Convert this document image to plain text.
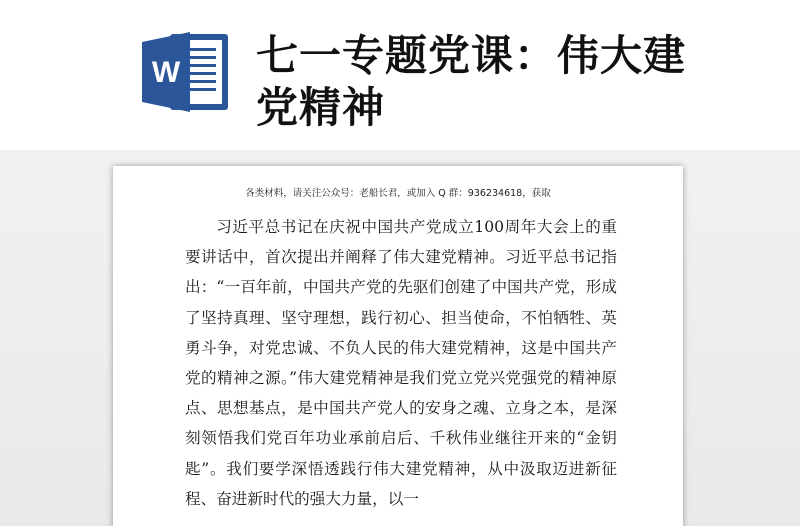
W 七一专题党课：伟大建党精神
各类材料，请关注公众号：老船长君，或加入 Q 群：936234618，获取

习近平总书记在庆祝中国共产党成立100周年大会上的重要讲话中，首次提出并阐释了伟大建党精神。习近平总书记指出：“一百年前，中国共产党的先驱们创建了中国共产党，形成了坚持真理、坚守理想，践行初心、担当使命，不怕牺牲、英勇斗争，对党忠诚、不负人民的伟大建党精神，这是中国共产党的精神之源。”伟大建党精神是我们党立党兴党强党的精神原点、思想基点，是中国共产党人的安身之魂、立身之本，是深刻领悟我们党百年功业承前启后、千秋伟业继往开来的“金钥匙”。我们要学深悟透践行伟大建党精神，从中汲取迈进新征程、奋进新时代的强大力量，以一
